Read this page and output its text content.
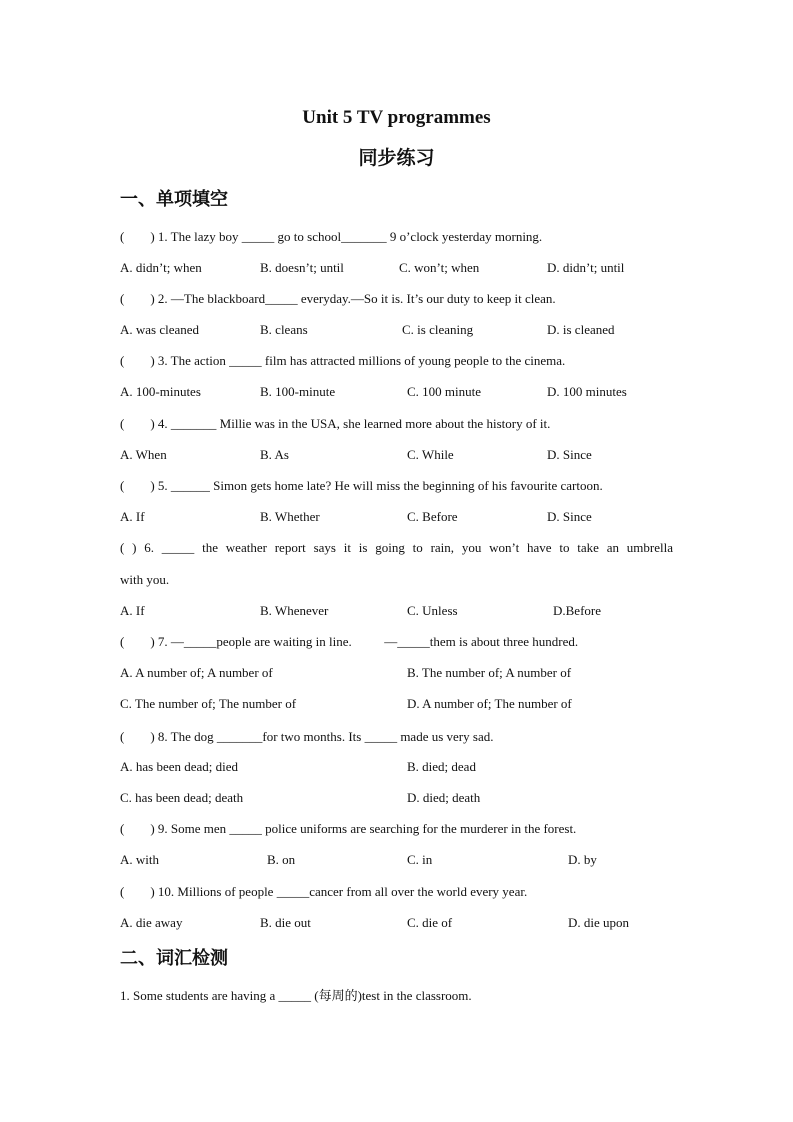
Unit 5 TV programmes
同步练习
一、单项填空
(        ) 1. The lazy boy _____ go to school_______ 9 o’clock yesterday morning.
A. didn’t; when	B. doesn’t; until	C. won’t; when	D. didn’t; until
(        ) 2. —The blackboard_____ everyday.—So it is. It’s our duty to keep it clean.
A. was cleaned	B. cleans	C. is cleaning	D. is cleaned
(        ) 3. The action _____ film has attracted millions of young people to the cinema.
A. 100-minutes	B. 100-minute	C. 100 minute	D. 100 minutes
(        ) 4. _______ Millie was in the USA, she learned more about the history of it.
A. When	B. As	C. While	D. Since
(        ) 5. ______ Simon gets home late? He will miss the beginning of his favourite cartoon.
A. If	B. Whether	C. Before	D. Since
( ) 6. _____ the weather report says it is going to rain, you won’t have to take an umbrella
with you.
A. If	B. Whenever	C. Unless	D.Before
(        ) 7. —_____people are waiting in line.          —_____them is about three hundred.
A. A number of; A number of	B. The number of; A number of
C. The number of; The number of	D. A number of; The number of
(        ) 8. The dog _______for two months. Its _____ made us very sad.
A. has been dead; died	B. died; dead
C. has been dead; death	D. died; death
(        ) 9. Some men _____ police uniforms are searching for the murderer in the forest.
A. with	B. on	C. in	D. by
(        ) 10. Millions of people _____cancer from all over the world every year.
A. die away	B. die out	C. die of	D. die upon
二、词汇检测
1. Some students are having a _____ (每周的)test in the classroom.
